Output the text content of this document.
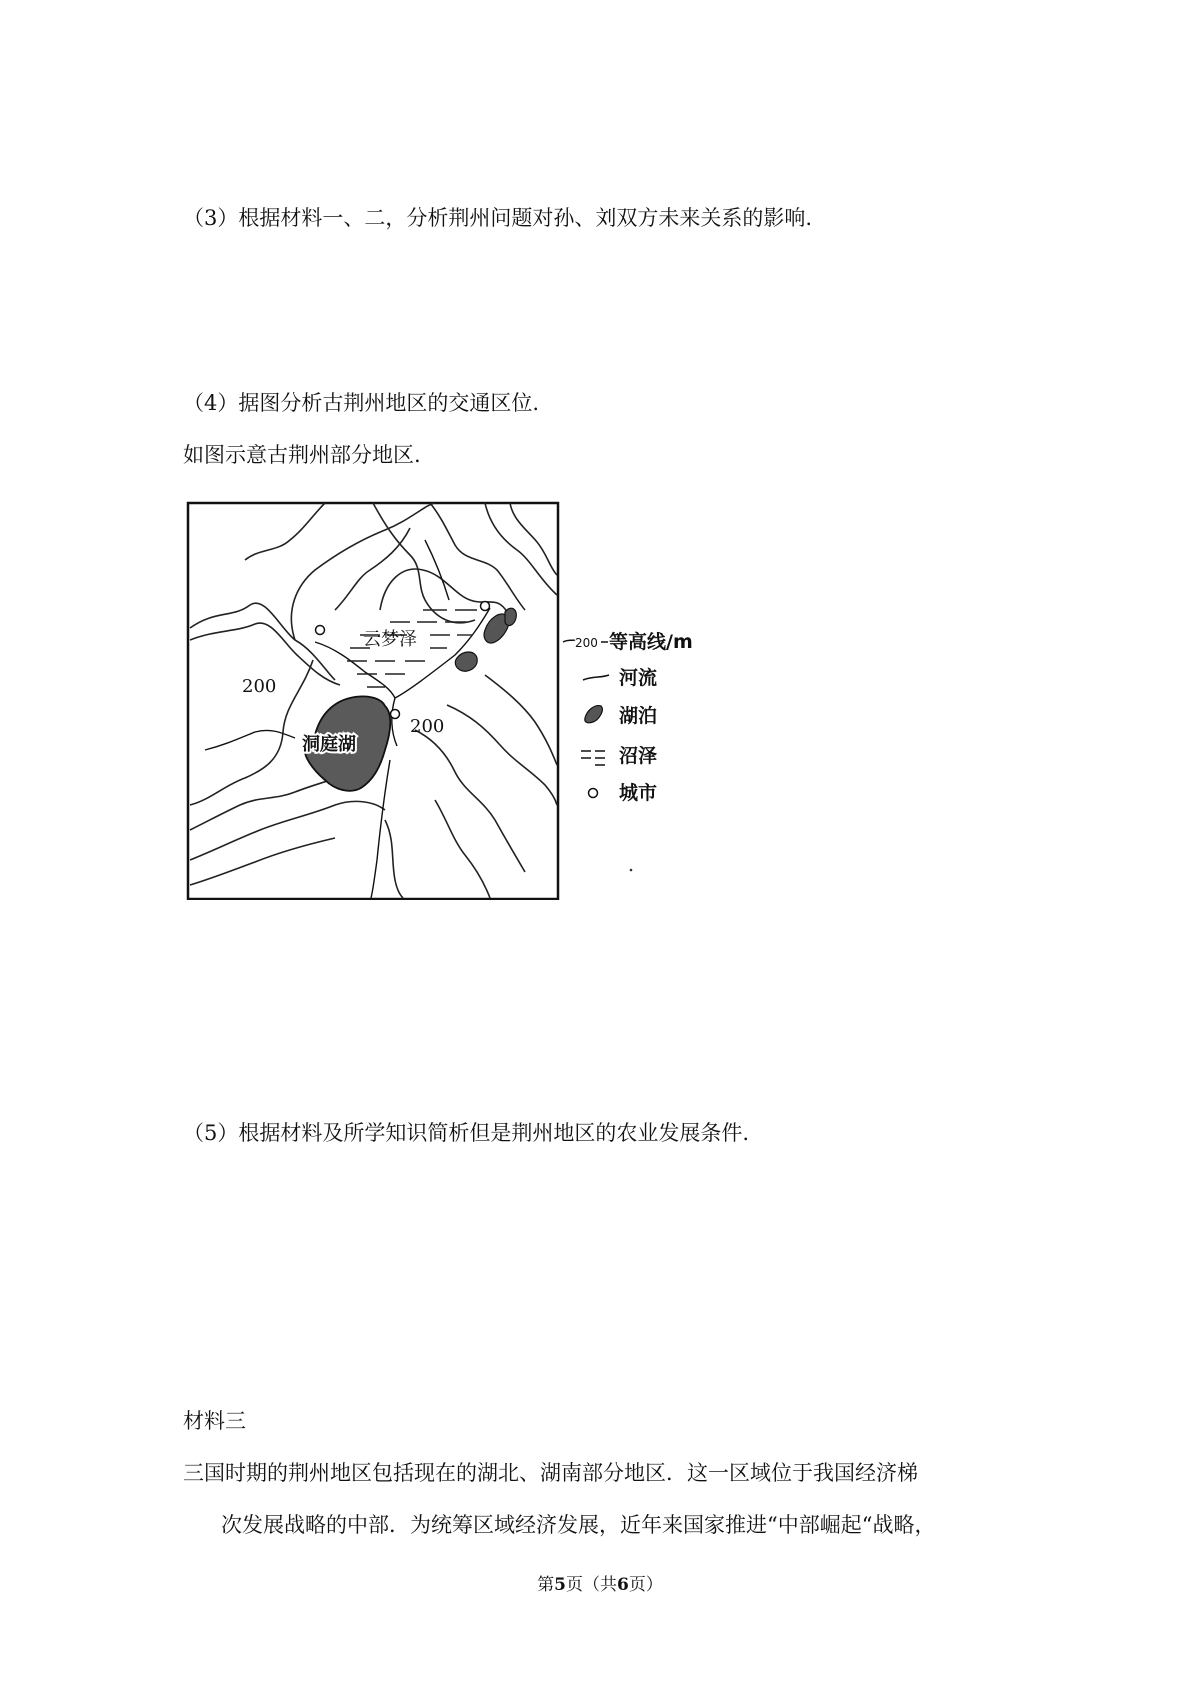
（3）根据材料一、二，分析荆州问题对孙、刘双方未来关系的影响.
（4）据图分析古荆州地区的交通区位.
如图示意古荆州部分地区.
云梦泽
洞庭湖
200
200
200 等高线/m
河流
湖泊
沼泽
城市
（5）根据材料及所学知识简析但是荆州地区的农业发展条件.
材料三
三国时期的荆州地区包括现在的湖北、湖南部分地区．这一区域位于我国经济梯
次发展战略的中部．为统筹区域经济发展，近年来国家推进“中部崛起“战略，
第5页（共6页）
